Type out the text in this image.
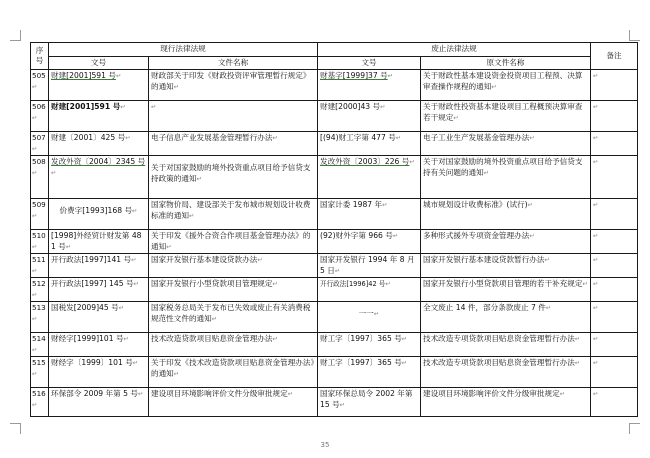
序
号	现行法律法规		废止法律法规		备注
	文号	文件名称	文号	原文件名称	
505↵	财建[2001]591 号↵	财政部关于印发《财政投资评审管理暂行规定》的通知↵	财基字[1999]37 号↵	关于财政性基本建设资金投资项目工程预、决算审查操作规程的通知↵	↵
506↵	财建[2001]591 号↵	↵	财建[2000]43 号↵	关于财政性投资基本建设项目工程概预决算审查若干规定↵	↵
507↵	财建〔2001〕425 号↵	电子信息产业发展基金管理暂行办法↵	[(94)财工字第 477 号↵	电子工业生产发展基金管理办法↵	↵
508↵	发改外资〔2004〕2345 号↵	关于对国家鼓励的境外投资重点项目给予信贷支持政策的通知↵	发改外资〔2003〕226 号↵	关于对国家鼓励的境外投资重点项目给予信贷支持有关问题的通知↵	↵
509↵	价费字[1993]168 号↵	国家物价局、建设部关于发布城市规划设计收费标准的通知↵	国家计委 1987 年↵	城市规划设计收费标准》(试行)↵	↵
510↵	[1998]外经贸计财发第 481 号↵	关于印发《援外合资合作项目基金管理办法》的通知↵	(92)财外字第 966 号↵	多种形式援外专项资金管理办法↵	↵
511↵	开行政法[1997]141 号↵	国家开发银行基本建设贷款办法↵	国家开发银行 1994 年 8 月 5 日↵	国家开发银行基本建设贷款暂行办法↵	↵
512↵	开行政法[1997] 145 号↵	国家开发银行小型贷款项目管理规定↵	开行政法[1996]42 号↵	国家开发银行小型贷款项目管理的若干补充规定↵	↵
513↵	国税发[2009]45 号↵	国家税务总局关于发布已失效或废止有关消费税规范性文件的通知↵	一一↵	全文废止 14 件，部分条款废止 7 件↵	↵
514↵	财经字[1999]101 号↵	技术改造贷款项目贴息资金管理办法↵	财工字〔1997〕365 号↵	技术改造专项贷款项目贴息资金管理暂行办法↵	↵
515↵	财经字〔1999〕101 号↵	关于印发《技术改造贷款项目贴息资金管理办法》的通知↵	财工字〔1997〕365 号↵	技术改造专项贷款项目贴息资金管理暂行办法↵	↵
516↵	环保部令 2009 年第 5 号↵	建设项目环境影响评价文件分级审批规定↵	国家环保总局令 2002 年第 15 号↵	建设项目环境影响评价文件分级审批规定↵	↵
35
